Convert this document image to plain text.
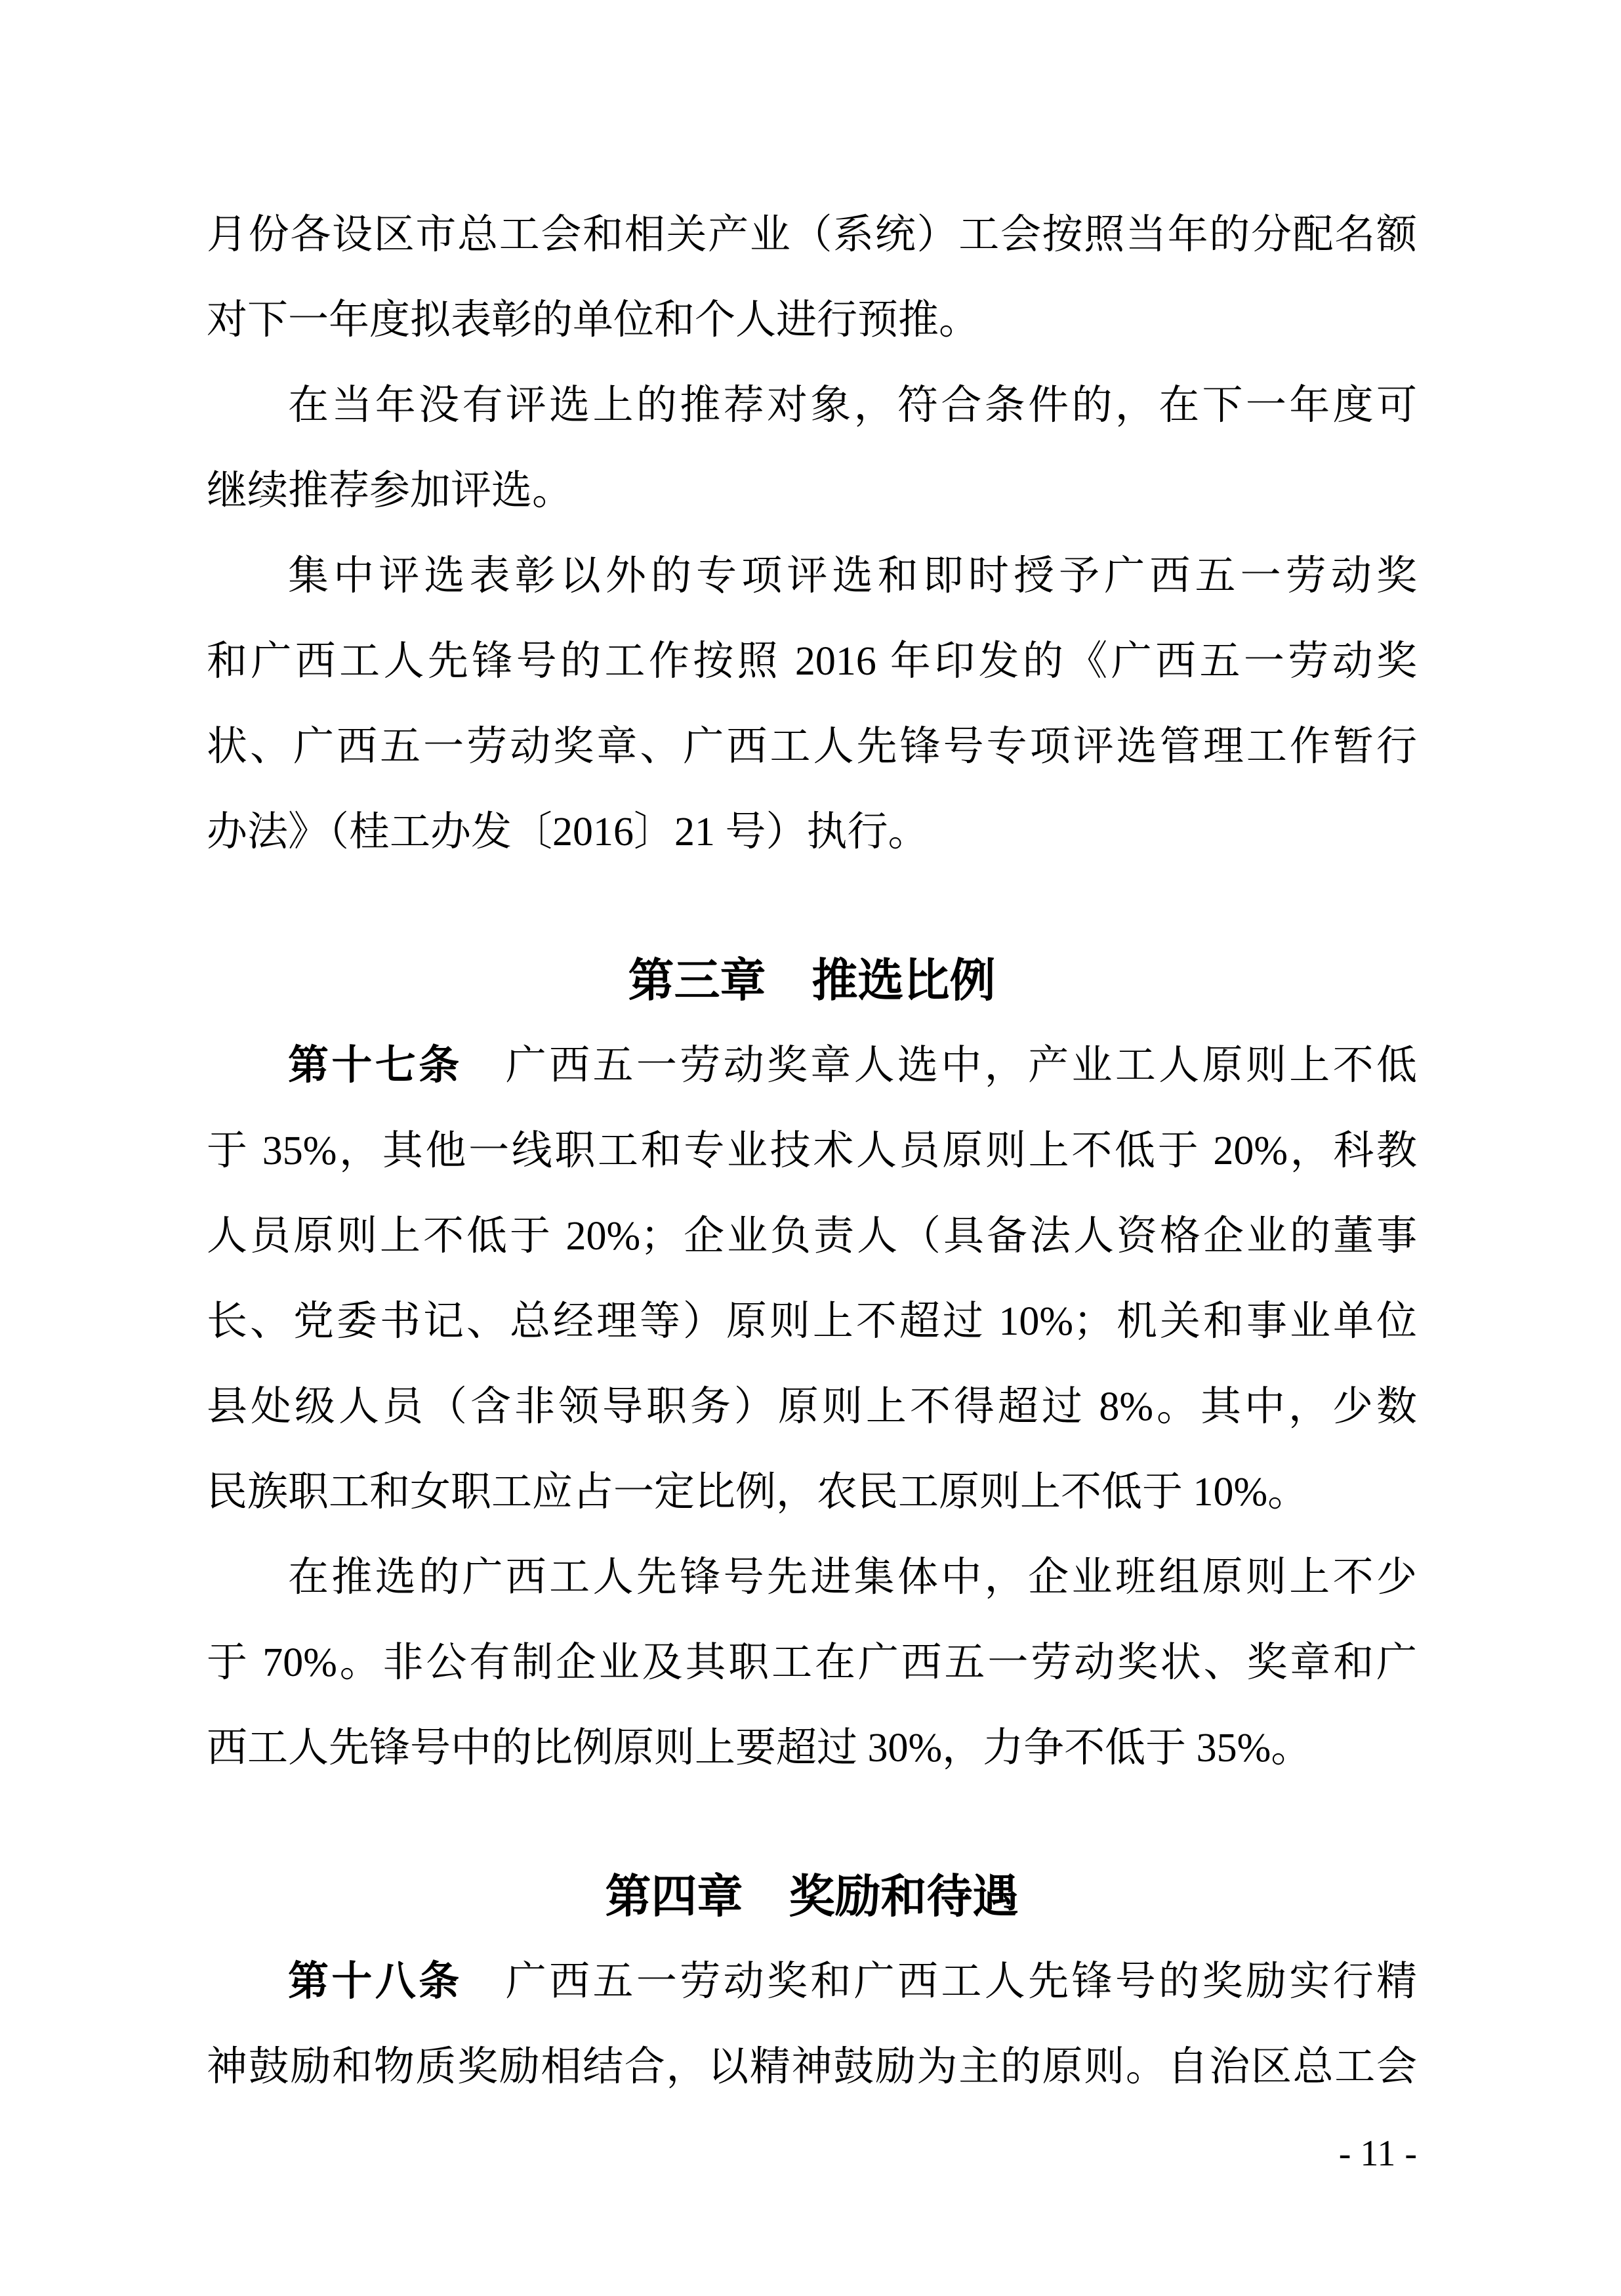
月份各设区市总工会和相关产业（系统）工会按照当年的分配名额
对下一年度拟表彰的单位和个人进行预推。
在当年没有评选上的推荐对象，符合条件的，在下一年度可
继续推荐参加评选。
集中评选表彰以外的专项评选和即时授予广西五一劳动奖
和广西工人先锋号的工作按照 2016 年印发的《广西五一劳动奖
状、广西五一劳动奖章、广西工人先锋号专项评选管理工作暂行
办法》（桂工办发〔2016〕21 号）执行。
第三章　推选比例
第十七条　广西五一劳动奖章人选中，产业工人原则上不低
于 35%，其他一线职工和专业技术人员原则上不低于 20%，科教
人员原则上不低于 20%；企业负责人（具备法人资格企业的董事
长、党委书记、总经理等）原则上不超过 10%；机关和事业单位
县处级人员（含非领导职务）原则上不得超过 8%。其中，少数
民族职工和女职工应占一定比例，农民工原则上不低于 10%。
在推选的广西工人先锋号先进集体中，企业班组原则上不少
于 70%。非公有制企业及其职工在广西五一劳动奖状、奖章和广
西工人先锋号中的比例原则上要超过 30%，力争不低于 35%。
第四章　奖励和待遇
第十八条　广西五一劳动奖和广西工人先锋号的奖励实行精
神鼓励和物质奖励相结合，以精神鼓励为主的原则。自治区总工会
- 11 -
